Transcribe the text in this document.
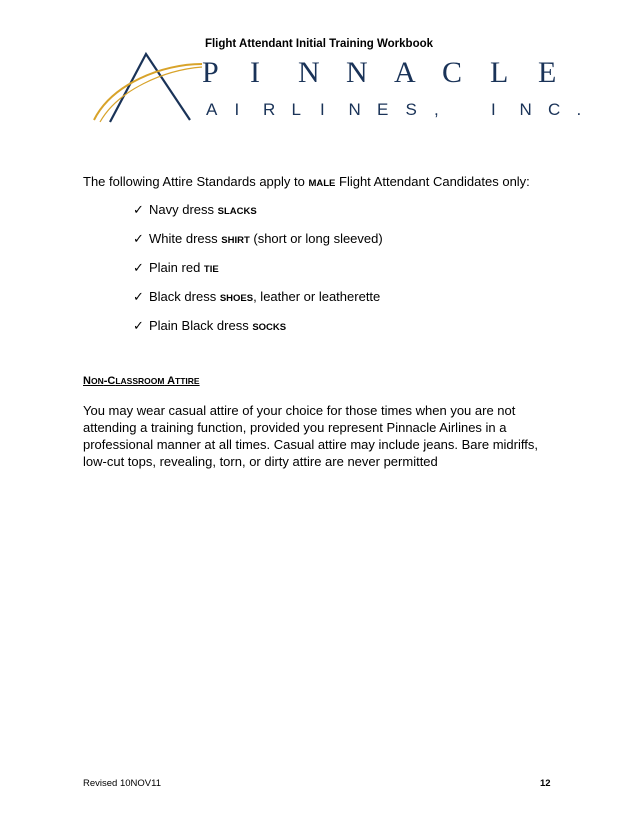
Flight Attendant Initial Training Workbook
P I N N A C L E
A I R L I N E S ,	I N C .
The following Attire Standards apply to MALE Flight Attendant Candidates only:
✓ Navy dress SLACKS
✓ White dress SHIRT (short or long sleeved)
✓ Plain red TIE
✓ Black dress SHOES, leather or leatherette
✓ Plain Black dress SOCKS
NON-CLASSROOM ATTIRE
You may wear casual attire of your choice for those times when you are not attending a training function, provided you represent Pinnacle Airlines in a professional manner at all times. Casual attire may include jeans. Bare midriffs, low-cut tops, revealing, torn, or dirty attire are never permitted
Revised 10NOV11	12
